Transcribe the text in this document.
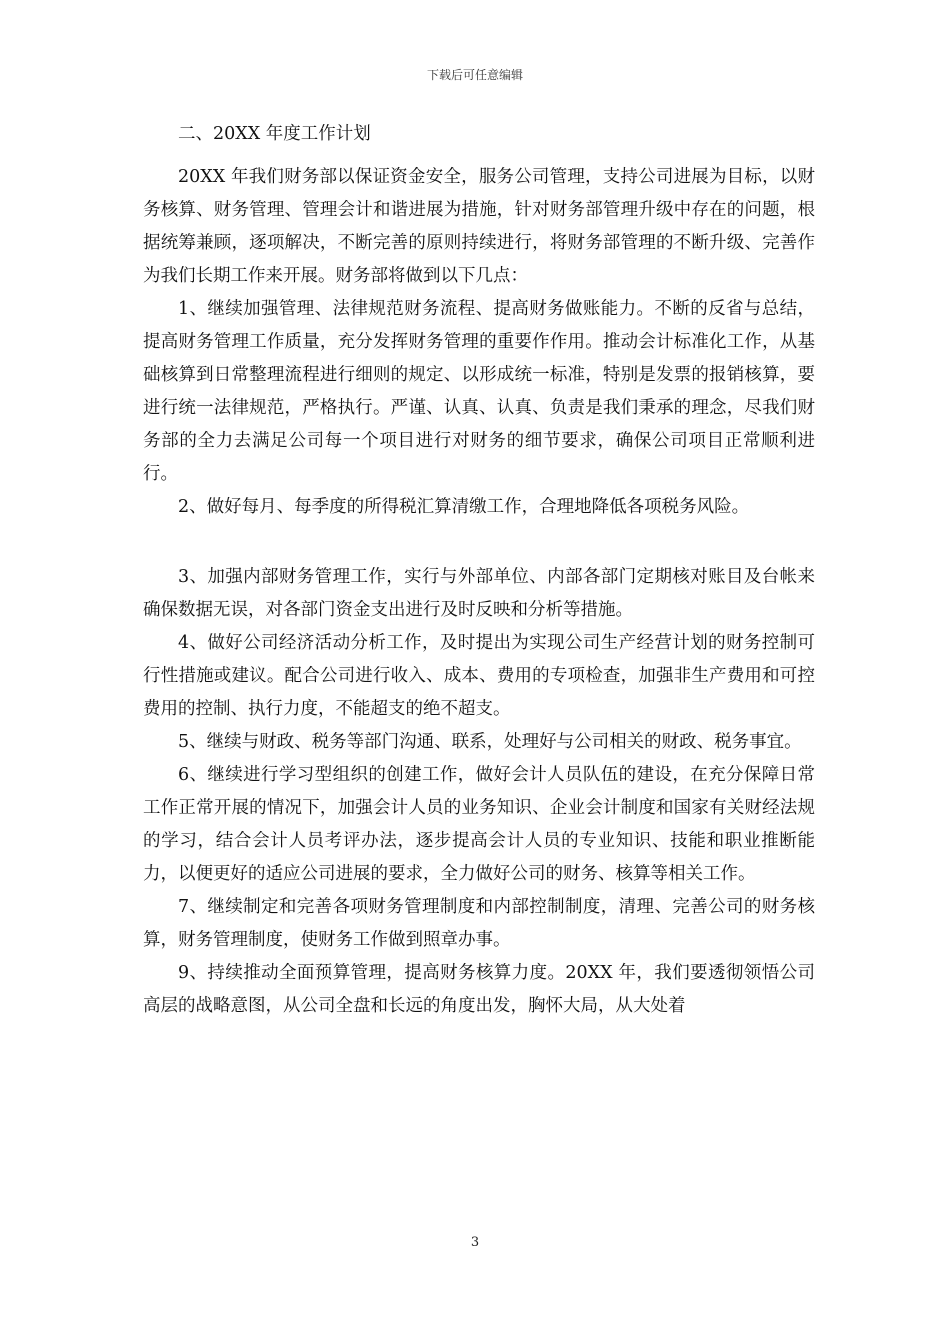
下载后可任意编辑

二、20XX 年度工作计划

20XX 年我们财务部以保证资金安全，服务公司管理，支持公司进展为目标，以财务核算、财务管理、管理会计和谐进展为措施，针对财务部管理升级中存在的问题，根据统筹兼顾，逐项解决，不断完善的原则持续进行，将财务部管理的不断升级、完善作为我们长期工作来开展。财务部将做到以下几点：

1、继续加强管理、法律规范财务流程、提高财务做账能力。不断的反省与总结，提高财务管理工作质量，充分发挥财务管理的重要作作用。推动会计标准化工作，从基础核算到日常整理流程进行细则的规定、以形成统一标准，特别是发票的报销核算，要进行统一法律规范，严格执行。严谨、认真、认真、负责是我们秉承的理念，尽我们财务部的全力去满足公司每一个项目进行对财务的细节要求，确保公司项目正常顺利进行。

2、做好每月、每季度的所得税汇算清缴工作，合理地降低各项税务风险。

3、加强内部财务管理工作，实行与外部单位、内部各部门定期核对账目及台帐来确保数据无误，对各部门资金支出进行及时反映和分析等措施。

4、做好公司经济活动分析工作，及时提出为实现公司生产经营计划的财务控制可行性措施或建议。配合公司进行收入、成本、费用的专项检查，加强非生产费用和可控费用的控制、执行力度，不能超支的绝不超支。

5、继续与财政、税务等部门沟通、联系，处理好与公司相关的财政、税务事宜。

6、继续进行学习型组织的创建工作，做好会计人员队伍的建设，在充分保障日常工作正常开展的情况下，加强会计人员的业务知识、企业会计制度和国家有关财经法规的学习，结合会计人员考评办法，逐步提高会计人员的专业知识、技能和职业推断能力，以便更好的适应公司进展的要求，全力做好公司的财务、核算等相关工作。

7、继续制定和完善各项财务管理制度和内部控制制度，清理、完善公司的财务核算，财务管理制度，使财务工作做到照章办事。

9、持续推动全面预算管理，提高财务核算力度。20XX 年，我们要透彻领悟公司高层的战略意图，从公司全盘和长远的角度出发，胸怀大局，从大处着

3
